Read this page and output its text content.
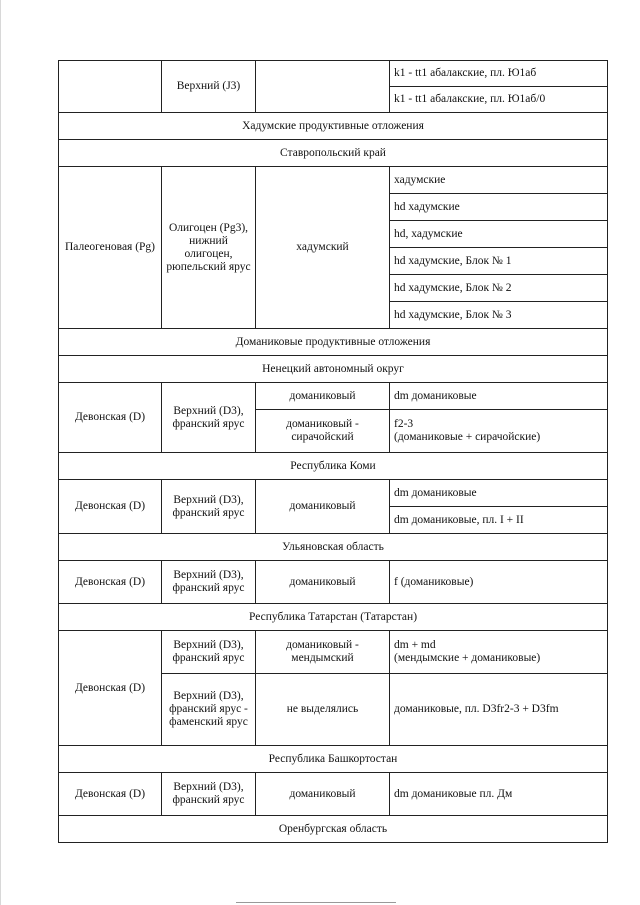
	Верхний (J3)		k1 - tt1 абалакские, пл. Ю1аб
			k1 - tt1 абалакские, пл. Ю1аб/0
Хадумские продуктивные отложения			
Ставропольский край			
Палеогеновая (Pg)	Олигоцен (Pg3), нижний олигоцен, рюпельский ярус	хадумский	хадумские
			hd хадумские
			hd, хадумские
			hd хадумские, Блок № 1
			hd хадумские, Блок № 2
			hd хадумские, Блок № 3
Доманиковые продуктивные отложения			
Ненецкий автономный округ			
Девонская (D)	Верхний (D3), франский ярус	доманиковый	dm доманиковые
		доманиковый - сирачойский	f2-3
(доманиковые + сирачойские)

Республика Коми			
Девонская (D)	Верхний (D3), франский ярус	доманиковый	dm доманиковые
			dm доманиковые, пл. I + II
Ульяновская область			
Девонская (D)	Верхний (D3), франский ярус	доманиковый	f (доманиковые)
Республика Татарстан (Татарстан)			
Девонская (D)	Верхний (D3), франский ярус	доманиковый - мендымский	dm + md
(мендымские + доманиковые)

	Верхний (D3), франский ярус - фаменский ярус	не выделялись	доманиковые, пл. D3fr2-3 + D3fm
Республика Башкортостан			
Девонская (D)	Верхний (D3), франский ярус	доманиковый	dm доманиковые пл. Дм
Оренбургская область			
